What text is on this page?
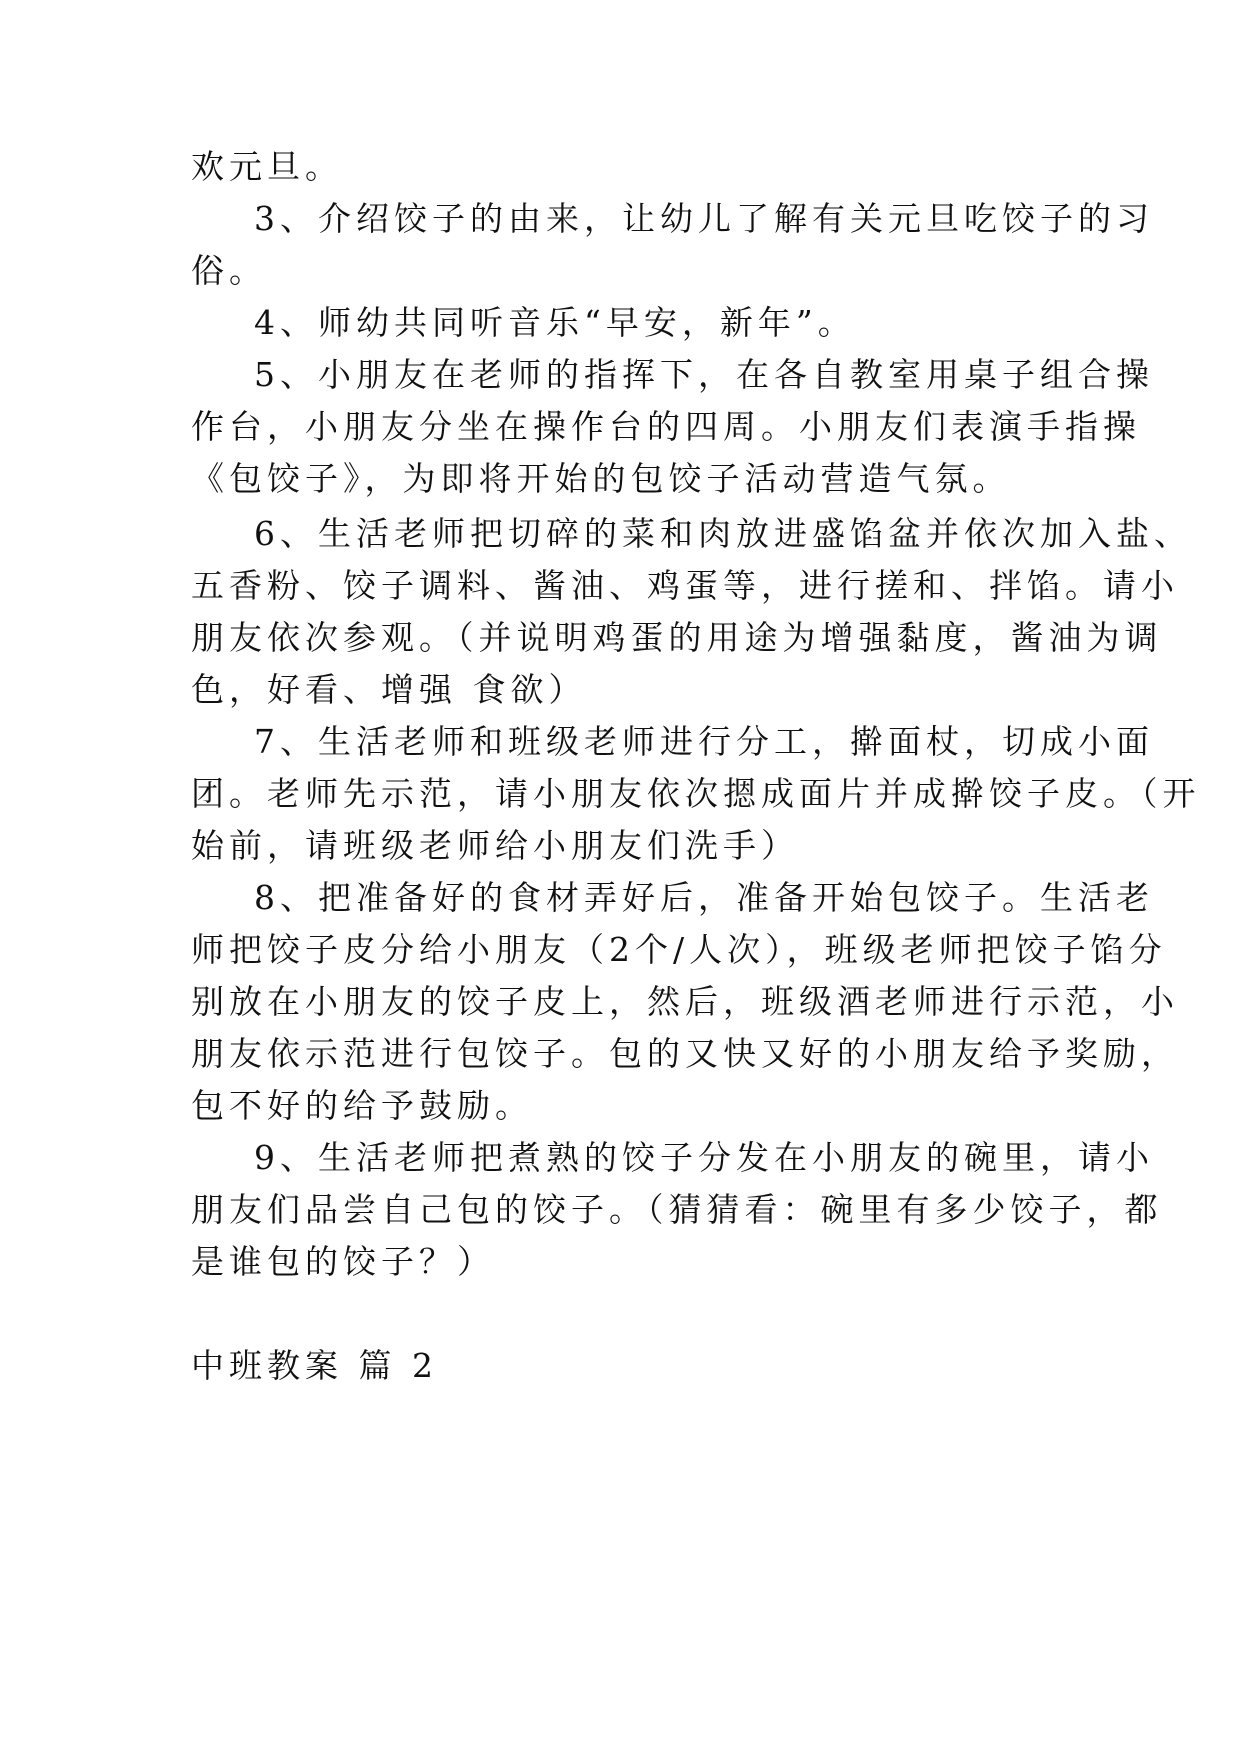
欢元旦。
3、介绍饺子的由来，让幼儿了解有关元旦吃饺子的习
俗。
4、师幼共同听音乐“早安，新年”。
5、小朋友在老师的指挥下，在各自教室用桌子组合操
作台，小朋友分坐在操作台的四周。小朋友们表演手指操
《包饺子》，为即将开始的包饺子活动营造气氛。
6、生活老师把切碎的菜和肉放进盛馅盆并依次加入盐、
五香粉、饺子调料、酱油、鸡蛋等，进行搓和、拌馅。请小
朋友依次参观。（并说明鸡蛋的用途为增强黏度，酱油为调
色，好看、增强 食欲）
7、生活老师和班级老师进行分工，擀面杖，切成小面
团。老师先示范，请小朋友依次摁成面片并成擀饺子皮。（开
始前，请班级老师给小朋友们洗手）
8、把准备好的食材弄好后，准备开始包饺子。生活老
师把饺子皮分给小朋友（2个/人次），班级老师把饺子馅分
别放在小朋友的饺子皮上，然后，班级酒老师进行示范，小
朋友依示范进行包饺子。包的又快又好的小朋友给予奖励，
包不好的给予鼓励。
9、生活老师把煮熟的饺子分发在小朋友的碗里，请小
朋友们品尝自己包的饺子。（猜猜看：碗里有多少饺子，都
是谁包的饺子？）
中班教案 篇 2
